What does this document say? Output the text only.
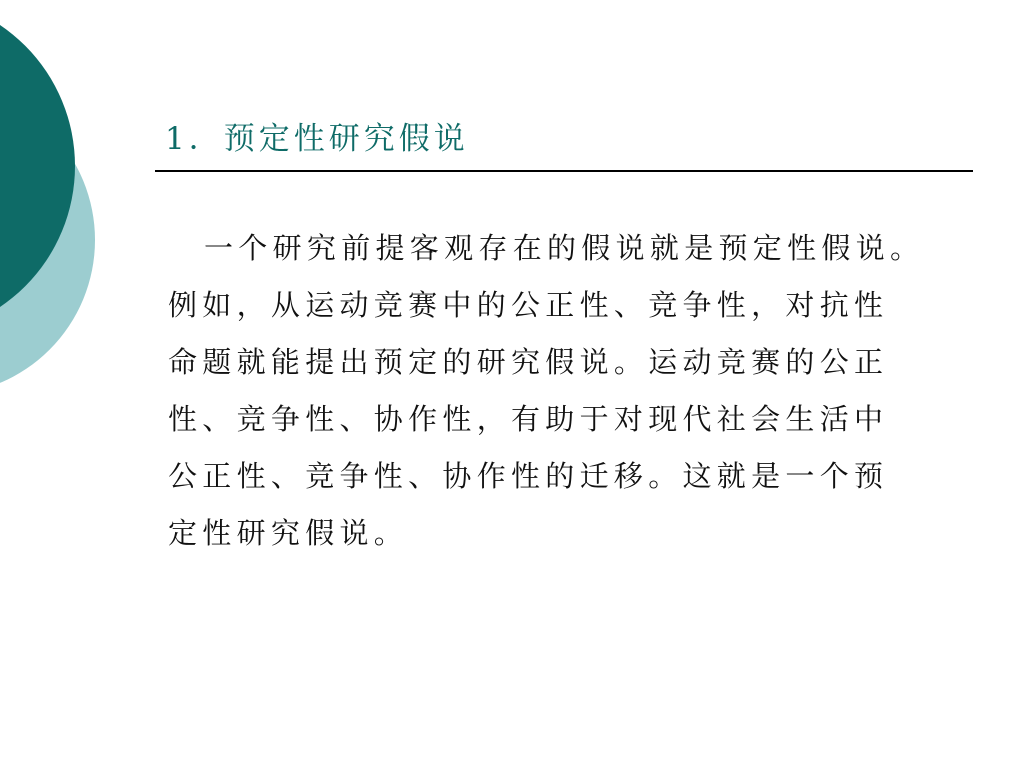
1．预定性研究假说
一个研究前提客观存在的假说就是预定性假说。
例如，从运动竞赛中的公正性、竞争性，对抗性
命题就能提出预定的研究假说。运动竞赛的公正
性、竞争性、协作性，有助于对现代社会生活中
公正性、竞争性、协作性的迁移。这就是一个预
定性研究假说。
